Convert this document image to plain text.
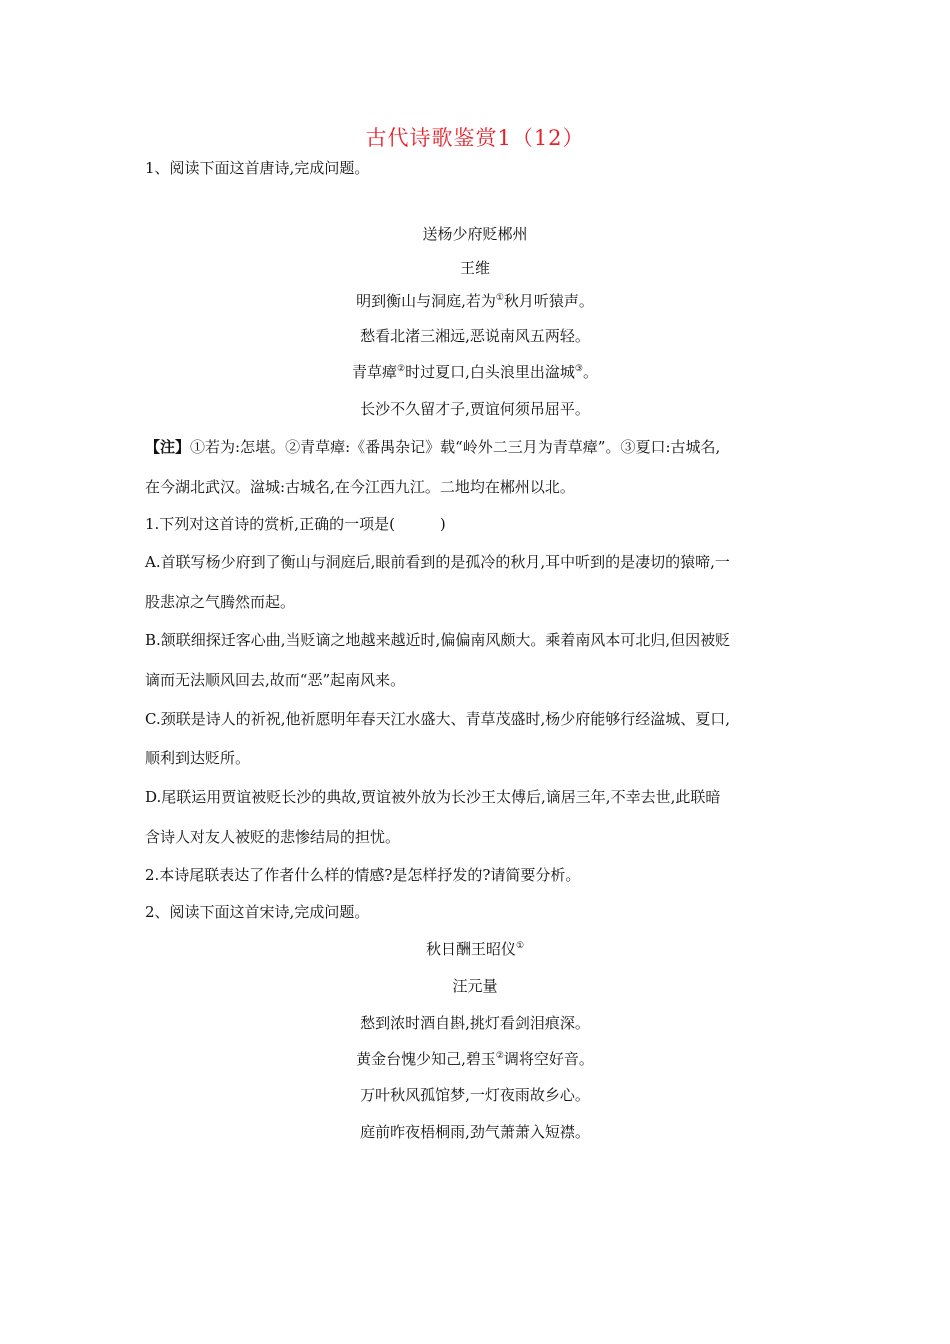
古代诗歌鉴赏1（12）
1、阅读下面这首唐诗,完成问题。
送杨少府贬郴州
王维
明到衡山与洞庭,若为①秋月听猿声。
愁看北渚三湘远,恶说南风五两轻。
青草瘴②时过夏口,白头浪里出湓城③。
长沙不久留才子,贾谊何须吊屈平。
【注】①若为:怎堪。②青草瘴:《番禺杂记》载“岭外二三月为青草瘴”。③夏口:古城名,
在今湖北武汉。湓城:古城名,在今江西九江。二地均在郴州以北。
1.下列对这首诗的赏析,正确的一项是(　　　)
A.首联写杨少府到了衡山与洞庭后,眼前看到的是孤冷的秋月,耳中听到的是凄切的猿啼,一
股悲凉之气腾然而起。
B.颔联细探迁客心曲,当贬谪之地越来越近时,偏偏南风颇大。乘着南风本可北归,但因被贬
谪而无法顺风回去,故而“恶”起南风来。
C.颈联是诗人的祈祝,他祈愿明年春天江水盛大、青草茂盛时,杨少府能够行经湓城、夏口,
顺利到达贬所。
D.尾联运用贾谊被贬长沙的典故,贾谊被外放为长沙王太傅后,谪居三年,不幸去世,此联暗
含诗人对友人被贬的悲惨结局的担忧。
2.本诗尾联表达了作者什么样的情感?是怎样抒发的?请简要分析。
2、阅读下面这首宋诗,完成问题。
秋日酬王昭仪①
汪元量
愁到浓时酒自斟,挑灯看剑泪痕深。
黄金台愧少知己,碧玉②调将空好音。
万叶秋风孤馆梦,一灯夜雨故乡心。
庭前昨夜梧桐雨,劲气萧萧入短襟。
